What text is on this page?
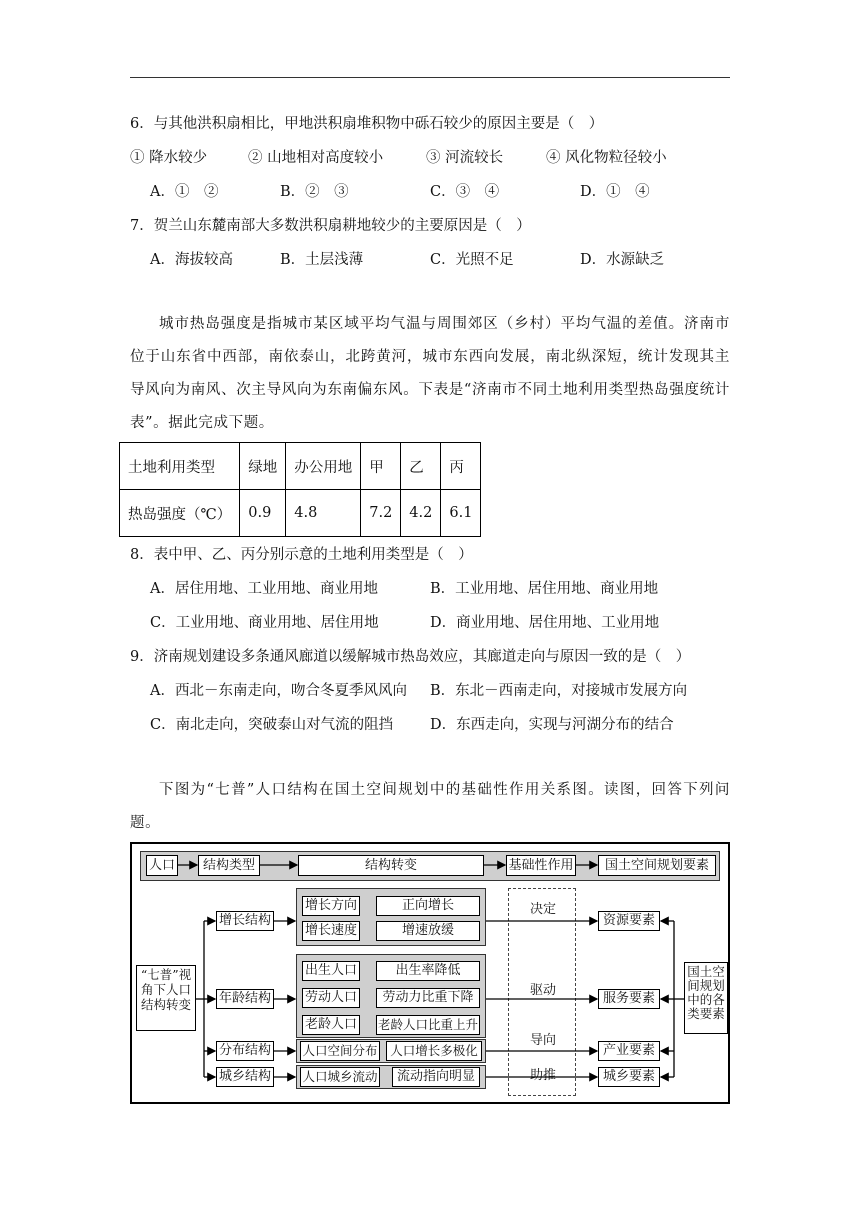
6．与其他洪积扇相比，甲地洪积扇堆积物中砾石较少的原因主要是（　）
① 降水较少	② 山地相对高度较小	③ 河流较长	④ 风化物粒径较小
A．①　②	B．②　③	C．③　④	D．①　④
7．贺兰山东麓南部大多数洪积扇耕地较少的主要原因是（　）
A．海拔较高	B．土层浅薄	C．光照不足	D．水源缺乏
城市热岛强度是指城市某区域平均气温与周围郊区（乡村）平均气温的差值。济南市位于山东省中西部，南依泰山，北跨黄河，城市东西向发展，南北纵深短，统计发现其主导风向为南风、次主导风向为东南偏东风。下表是“济南市不同土地利用类型热岛强度统计表”。据此完成下题。
土地利用类型	绿地	办公用地	甲	乙	丙
热岛强度（℃）	0.9	4.8	7.2	4.2	6.1
8．表中甲、乙、丙分别示意的土地利用类型是（　）
A．居住用地、工业用地、商业用地	B．工业用地、居住用地、商业用地
C．工业用地、商业用地、居住用地	D．商业用地、居住用地、工业用地
9．济南规划建设多条通风廊道以缓解城市热岛效应，其廊道走向与原因一致的是（　）
A．西北－东南走向，吻合冬夏季风风向 B．东北－西南走向，对接城市发展方向
C．南北走向，突破泰山对气流的阻挡	D．东西走向，实现与河湖分布的结合
下图为“七普”人口结构在国土空间规划中的基础性作用关系图。读图，回答下列问题。
人口	结构类型	结构转变	基础性作用	国土空间规划要素
“七普”视角下人口结构转变
增长结构
年龄结构
分布结构
城乡结构
增长方向	正向增长
增长速度	增速放缓
出生人口	出生率降低
劳动人口	劳动力比重下降
老龄人口 老龄人口比重上升
人口空间分布	人口增长多极化
人口城乡流动	流动指向明显
决定
驱动
导向
助推
资源要素
服务要素
产业要素
城乡要素
国土空间规划中的各类要素
